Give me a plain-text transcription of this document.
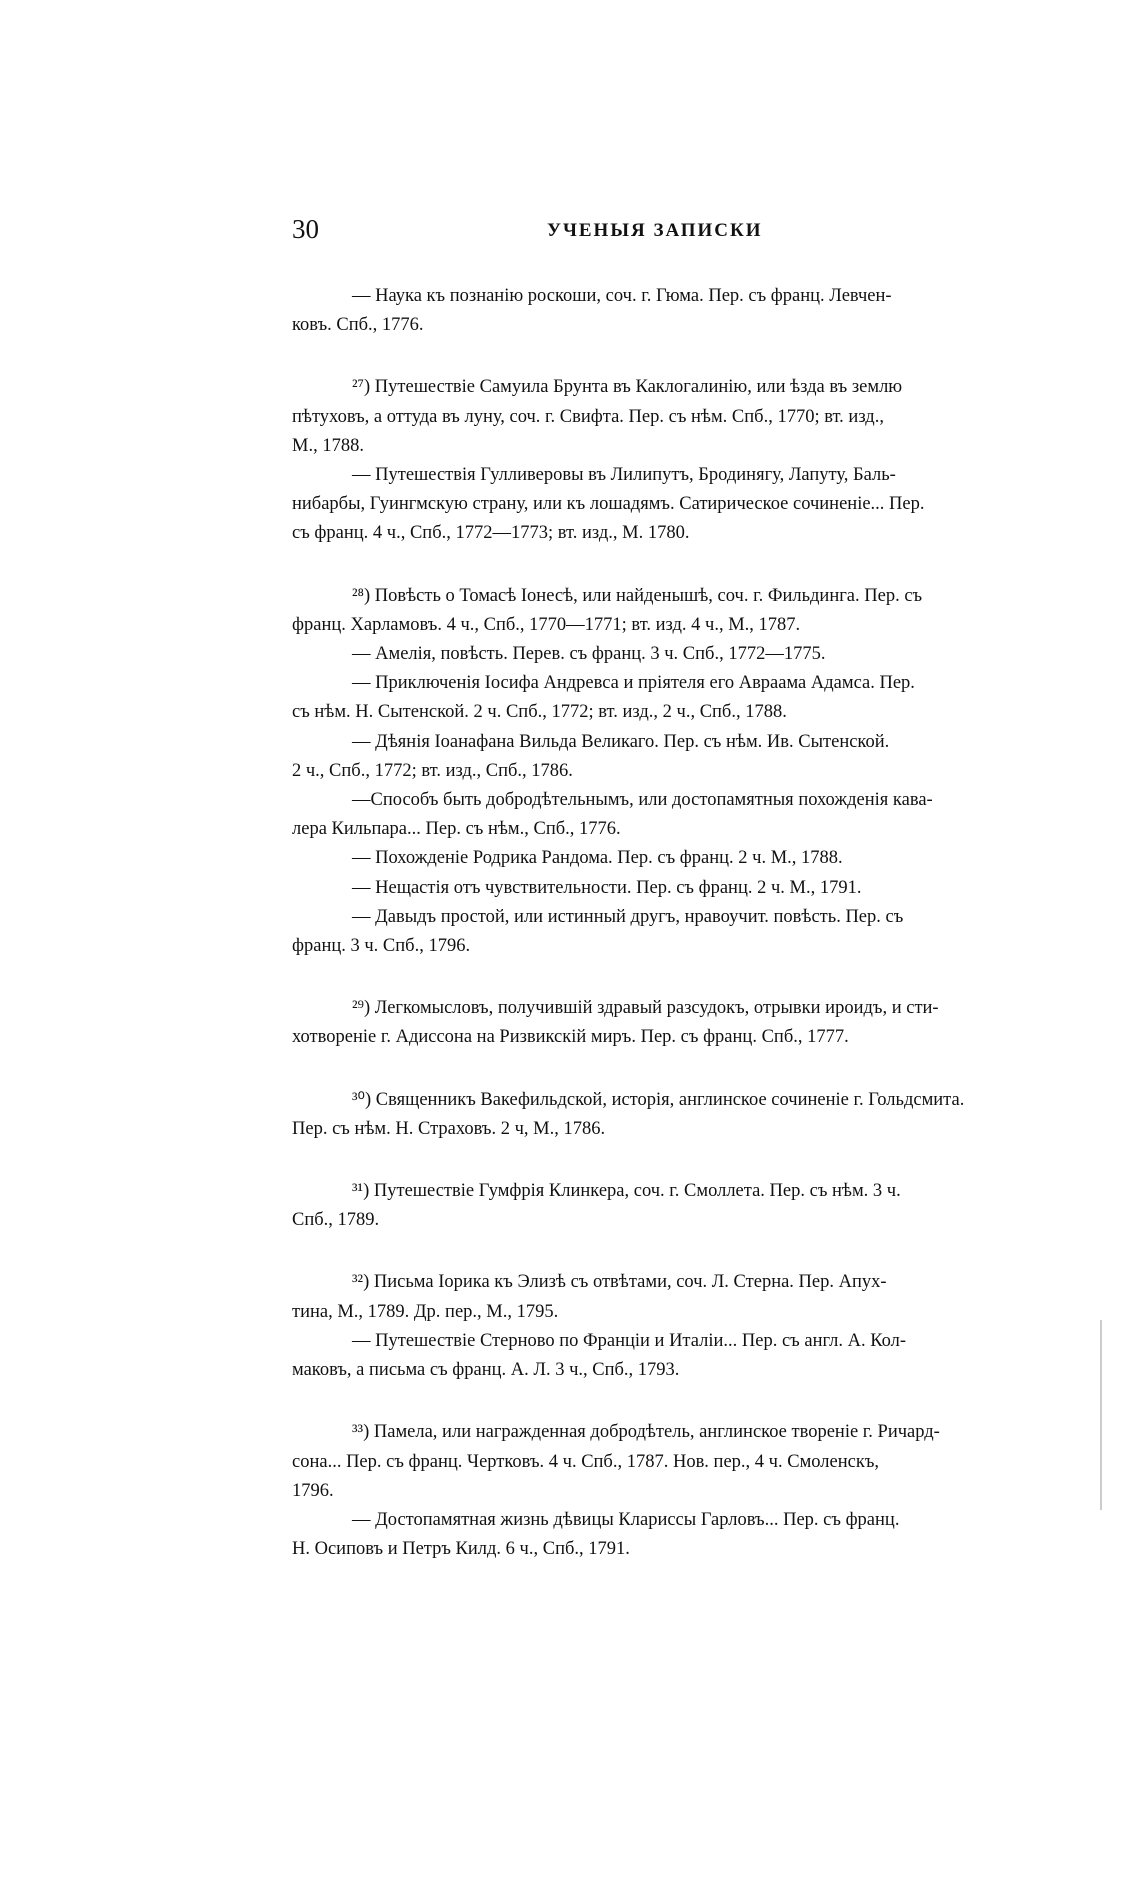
30	УЧЕНЫЯ ЗАПИСКИ
— Наука къ познанію роскоши, соч. г. Гюма. Пер. съ франц. Левчен-
ковъ. Спб., 1776.
²⁷) Путешествіе Самуила Брунта въ Каклогалинію, или ѣзда въ землю
пѣтуховъ, а оттуда въ луну, соч. г. Свифта. Пер. съ нѣм. Спб., 1770; вт. изд.,
М., 1788.
— Путешествія Гулливеровы въ Лилипутъ, Бродинягу, Лапуту, Баль-
нибарбы, Гуингмскую страну, или къ лошадямъ. Сатирическое сочиненіе... Пер.
съ франц. 4 ч., Спб., 1772—1773; вт. изд., М. 1780.
²⁸) Повѣсть о Томасѣ Іонесѣ, или найденышѣ, соч. г. Фильдинга. Пер. съ
франц. Харламовъ. 4 ч., Спб., 1770—1771; вт. изд. 4 ч., М., 1787.
— Амелія, повѣсть. Перев. съ франц. 3 ч. Спб., 1772—1775.
— Приключенія Іосифа Андревса и пріятеля его Авраама Адамса. Пер.
съ нѣм. Н. Сытенской. 2 ч. Спб., 1772; вт. изд., 2 ч., Спб., 1788.
— Дѣянія Іоанафана Вильда Великаго. Пер. съ нѣм. Ив. Сытенской.
2 ч., Спб., 1772; вт. изд., Спб., 1786.
—Способъ быть добродѣтельнымъ, или достопамятныя похожденія кава-
лера Кильпара... Пер. съ нѣм., Спб., 1776.
— Похожденіе Родрика Рандома. Пер. съ франц. 2 ч. М., 1788.
— Нещастія отъ чувствительности. Пер. съ франц. 2 ч. М., 1791.
— Давыдъ простой, или истинный другъ, нравоучит. повѣсть. Пер. съ
франц. 3 ч. Спб., 1796.
²⁹) Легкомысловъ, получившій здравый разсудокъ, отрывки ироидъ, и сти-
хотвореніе г. Адиссона на Ризвикскій миръ. Пер. съ франц. Спб., 1777.
³⁰) Священникъ Вакефильдской, исторія, англинское сочиненіе г. Гольдсмита.
Пер. съ нѣм. Н. Страховъ. 2 ч, М., 1786.
³¹) Путешествіе Гумфрія Клинкера, соч. г. Смоллета. Пер. съ нѣм. 3 ч.
Спб., 1789.
³²) Письма Іорика къ Элизѣ съ отвѣтами, соч. Л. Стерна. Пер. Апух-
тина, М., 1789. Др. пер., М., 1795.
— Путешествіе Стерново по Франціи и Италіи... Пер. съ англ. А. Кол-
маковъ, а письма съ франц. А. Л. 3 ч., Спб., 1793.
³³) Памела, или награжденная добродѣтель, англинское твореніе г. Ричард-
сона... Пер. съ франц. Чертковъ. 4 ч. Спб., 1787. Нов. пер., 4 ч. Смоленскъ,
1796.
— Достопамятная жизнь дѣвицы Клариссы Гарловъ... Пер. съ франц.
Н. Осиповъ и Петръ Килд. 6 ч., Спб., 1791.
